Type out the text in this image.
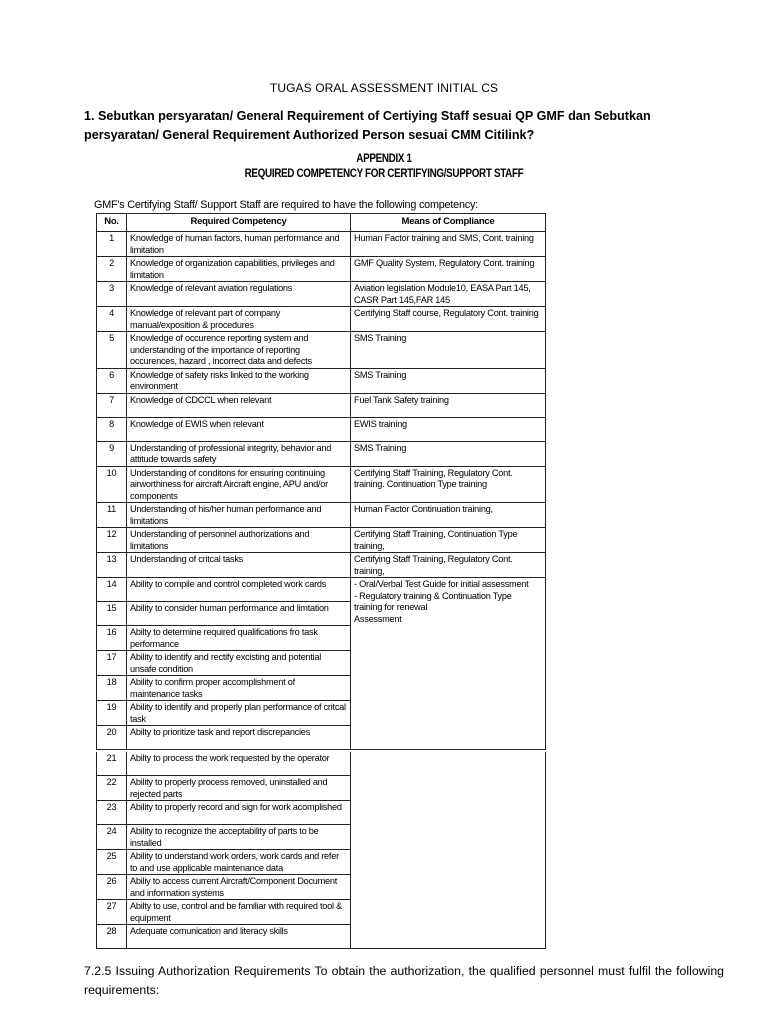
TUGAS ORAL ASSESSMENT INITIAL CS
1. Sebutkan persyaratan/ General Requirement of Certiying Staff sesuai QP GMF dan Sebutkan persyaratan/ General Requirement Authorized Person sesuai CMM Citilink?
APPENDIX 1
REQUIRED COMPETENCY FOR CERTIFYING/SUPPORT STAFF
GMF's Certifying Staff/ Support Staff are required to have the following competency:
No.	Required Competency	Means of Compliance
1	Knowledge of human factors, human performance and limitation	Human Factor training and SMS, Cont. training
2	Knowledge of organization capabilities, privileges and limitation	GMF Quality System, Regulatory Cont. training
3	Knowledge of relevant aviation regulations	Aviation legislation Module10, EASA Part 145, CASR Part 145,FAR 145
4	Knowledge of relevant part of company manual/exposition & procedures	Certifying Staff course, Regulatory Cont. training
5	Knowledge of occurence reporting system and understanding of the importance of reporting occurences, hazard , incorrect data and defects	SMS Training
6	Knowledge of safety risks linked to the working environment	SMS Training
7	Knowledge of CDCCL when relevant	Fuel Tank Safety training
8	Knowledge of EWIS when relevant	EWIS training
9	Understanding of professional integrity, behavior and attitude towards safety	SMS Training
10	Understanding of conditons for ensuring continuing airworthiness for aircraft Aircraft engine, APU and/or components	Certifying Staff Training, Regulatory Cont. training. Continuation Type training
11	Understanding of his/her human performance and limitations	Human Factor Continuation training,
12	Understanding of personnel authorizations and limitations	Certifying Staff Training, Continuation Type training,
13	Understanding of critcal tasks	Certifying Staff Training, Regulatory Cont. training,
14	Ability to compile and control completed work cards	- Oral/Verbal Test Guide for initial assessment
- Regulatory training & Continuation Type training for renewal
Assessment
15	Ability to consider human performance and limtation	
16	Abilty to determine required qualifications fro task performance	
17	Ability to identify and rectify excisting and potential unsafe condition	
18	Ability to confirm proper accomplishment of maintenance tasks	
19	Ability to identify and properly plan performance of critcal task	
20	Abilty to prioritize task and report discrepancies	
21	Abilty to process the work requested by the operator	
22	Ability to properly process removed, uninstalled and rejected parts	
23	Ability to properly record and sign for work acomplished	
24	Ability to recognize the acceptability of parts to be installed	
25	Ability to understand work orders, work cards and refer to and use applicable maintenance data	
26	Abiliy to access current Aircraft/Component Document and information systems	
27	Abilty to use, control and be familiar with required tool & equipment	
28	Adequate comunication and literacy skills	
7.2.5 Issuing Authorization Requirements To obtain the authorization, the qualified personnel must fulfil the following requirements:
